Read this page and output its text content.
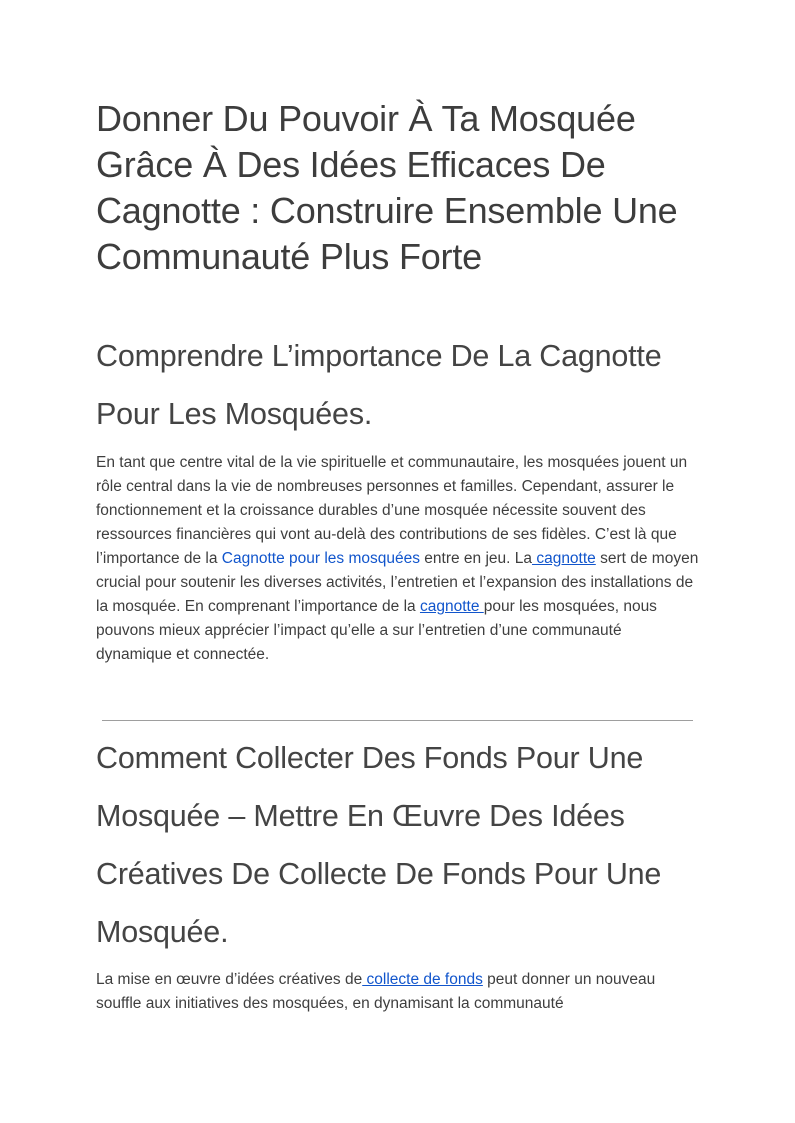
Donner Du Pouvoir À Ta Mosquée Grâce À Des Idées Efficaces De Cagnotte : Construire Ensemble Une Communauté Plus Forte
Comprendre L’importance De La Cagnotte Pour Les Mosquées.

En tant que centre vital de la vie spirituelle et communautaire, les mosquées jouent un rôle central dans la vie de nombreuses personnes et familles. Cependant, assurer le fonctionnement et la croissance durables d’une mosquée nécessite souvent des ressources financières qui vont au-delà des contributions de ses fidèles. C’est là que l’importance de la Cagnotte pour les mosquées entre en jeu. La cagnotte sert de moyen crucial pour soutenir les diverses activités, l’entretien et l’expansion des installations de la mosquée. En comprenant l’importance de la cagnotte pour les mosquées, nous pouvons mieux apprécier l’impact qu’elle a sur l’entretien d’une communauté dynamique et connectée.

Comment Collecter Des Fonds Pour Une Mosquée – Mettre En Œuvre Des Idées Créatives De Collecte De Fonds Pour Une Mosquée.

La mise en œuvre d’idées créatives de collecte de fonds peut donner un nouveau souffle aux initiatives des mosquées, en dynamisant la communauté
